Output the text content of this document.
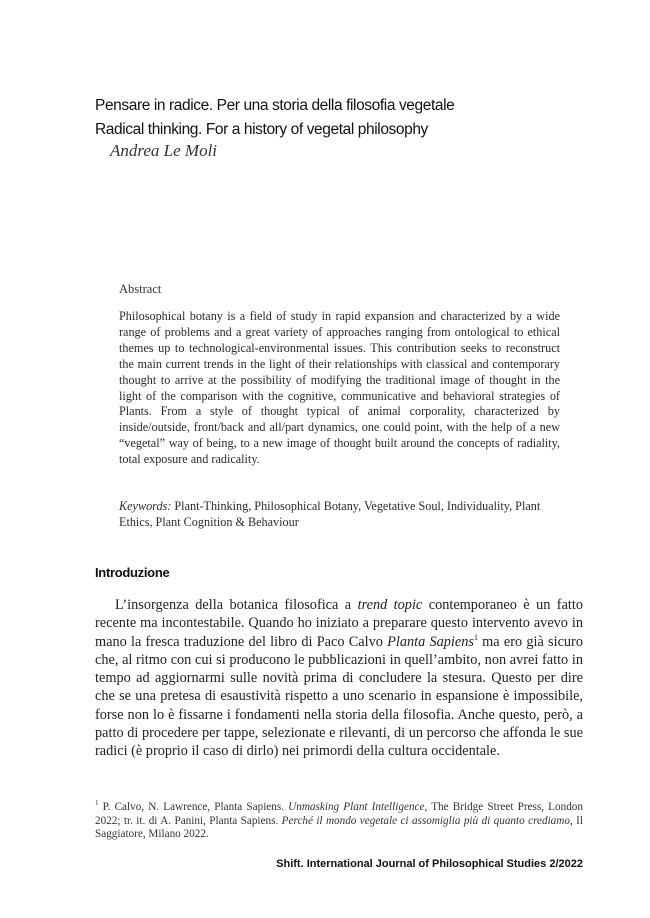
Pensare in radice. Per una storia della filosofia vegetale
Radical thinking. For a history of vegetal philosophy
Andrea Le Moli
Abstract
Philosophical botany is a field of study in rapid expansion and characterized by a wide range of problems and a great variety of approaches ranging from ontological to ethical themes up to technological-environmental issues. This contribution seeks to reconstruct the main current trends in the light of their relationships with classical and contemporary thought to arrive at the possibility of modifying the traditional image of thought in the light of the comparison with the cognitive, communicative and behavioral strategies of Plants. From a style of thought typical of animal corporality, characterized by inside/outside, front/back and all/part dynamics, one could point, with the help of a new “vegetal” way of being, to a new image of thought built around the concepts of radiality, total exposure and radicality.
Keywords: Plant-Thinking, Philosophical Botany, Vegetative Soul, Individuality, Plant Ethics, Plant Cognition & Behaviour
Introduzione
L’insorgenza della botanica filosofica a trend topic contemporaneo è un fatto recente ma incontestabile. Quando ho iniziato a preparare questo intervento avevo in mano la fresca traduzione del libro di Paco Calvo Planta Sapiens$^1$ ma ero già sicuro che, al ritmo con cui si producono le pubblicazioni in quell’ambito, non avrei fatto in tempo ad aggiornarmi sulle novità prima di concludere la stesura. Questo per dire che se una pretesa di esaustività rispetto a uno scenario in espansione è impossibile, forse non lo è fissarne i fondamenti nella storia della filosofia. Anche questo, però, a patto di procedere per tappe, selezionate e rilevanti, di un percorso che affonda le sue radici (è proprio il caso di dirlo) nei primordi della cultura occidentale.
$^1$ P. Calvo, N. Lawrence, Planta Sapiens. Unmasking Plant Intelligence, The Bridge Street Press, London 2022; tr. it. di A. Panini, Planta Sapiens. Perché il mondo vegetale ci assomiglia più di quanto crediamo, Il Saggiatore, Milano 2022.
Shift. International Journal of Philosophical Studies 2/2022
